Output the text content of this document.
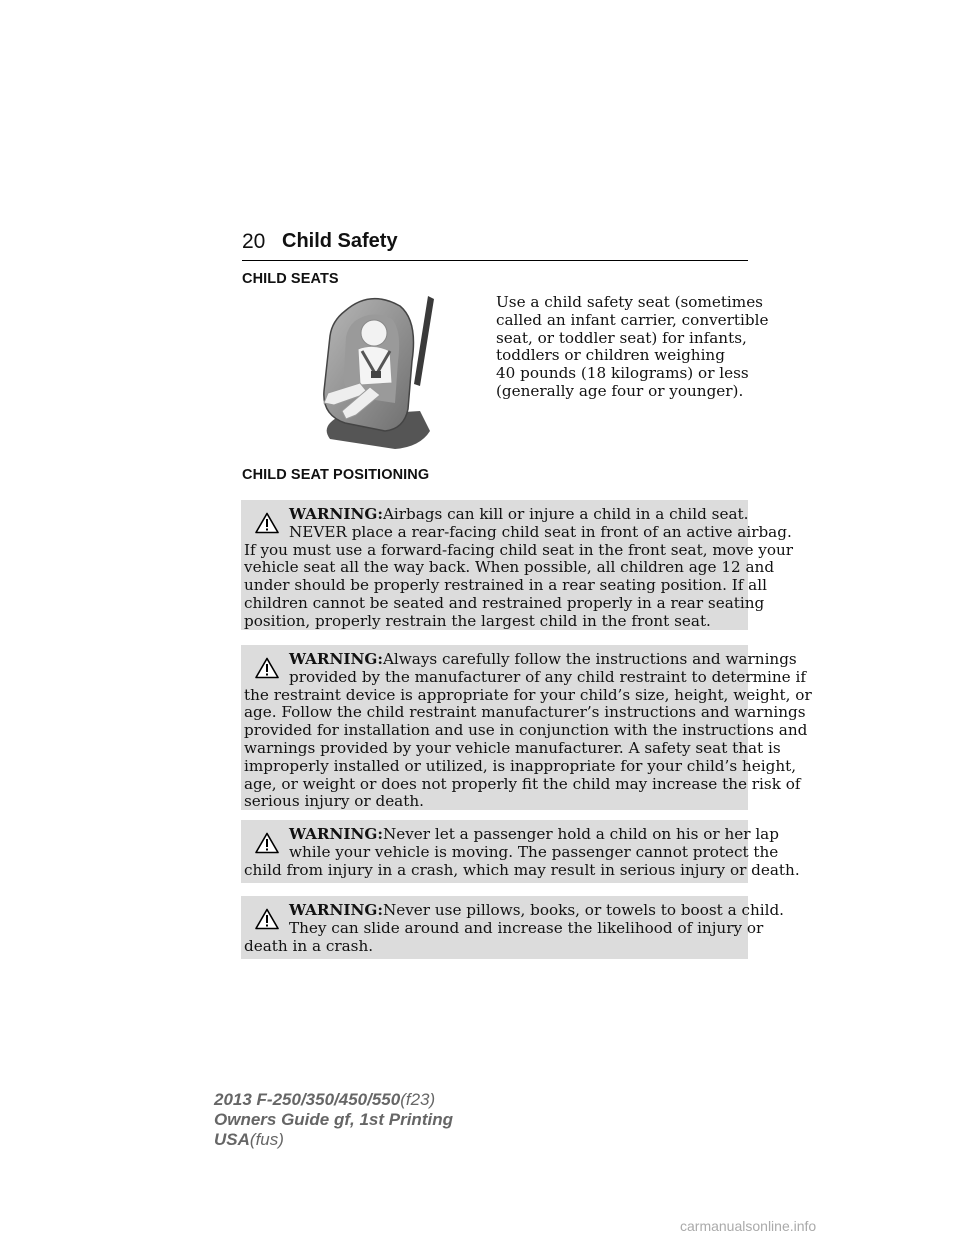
20 Child Safety
CHILD SEATS
Use a child safety seat (sometimes
called an infant carrier, convertible
seat, or toddler seat) for infants,
toddlers or children weighing
40 pounds (18 kilograms) or less
(generally age four or younger).
CHILD SEAT POSITIONING
WARNING:Airbags can kill or injure a child in a child seat.
NEVER place a rear-facing child seat in front of an active airbag.
If you must use a forward-facing child seat in the front seat, move your
vehicle seat all the way back. When possible, all children age 12 and
under should be properly restrained in a rear seating position. If all
children cannot be seated and restrained properly in a rear seating
position, properly restrain the largest child in the front seat.
WARNING:Always carefully follow the instructions and warnings
provided by the manufacturer of any child restraint to determine if
the restraint device is appropriate for your child’s size, height, weight, or
age. Follow the child restraint manufacturer’s instructions and warnings
provided for installation and use in conjunction with the instructions and
warnings provided by your vehicle manufacturer. A safety seat that is
improperly installed or utilized, is inappropriate for your child’s height,
age, or weight or does not properly fit the child may increase the risk of
serious injury or death.
WARNING:Never let a passenger hold a child on his or her lap
while your vehicle is moving. The passenger cannot protect the
child from injury in a crash, which may result in serious injury or death.
WARNING:Never use pillows, books, or towels to boost a child.
They can slide around and increase the likelihood of injury or
death in a crash.
2013 F-250/350/450/550(f23)
Owners Guide gf, 1st Printing
USA(fus)
carmanualsonline.info
